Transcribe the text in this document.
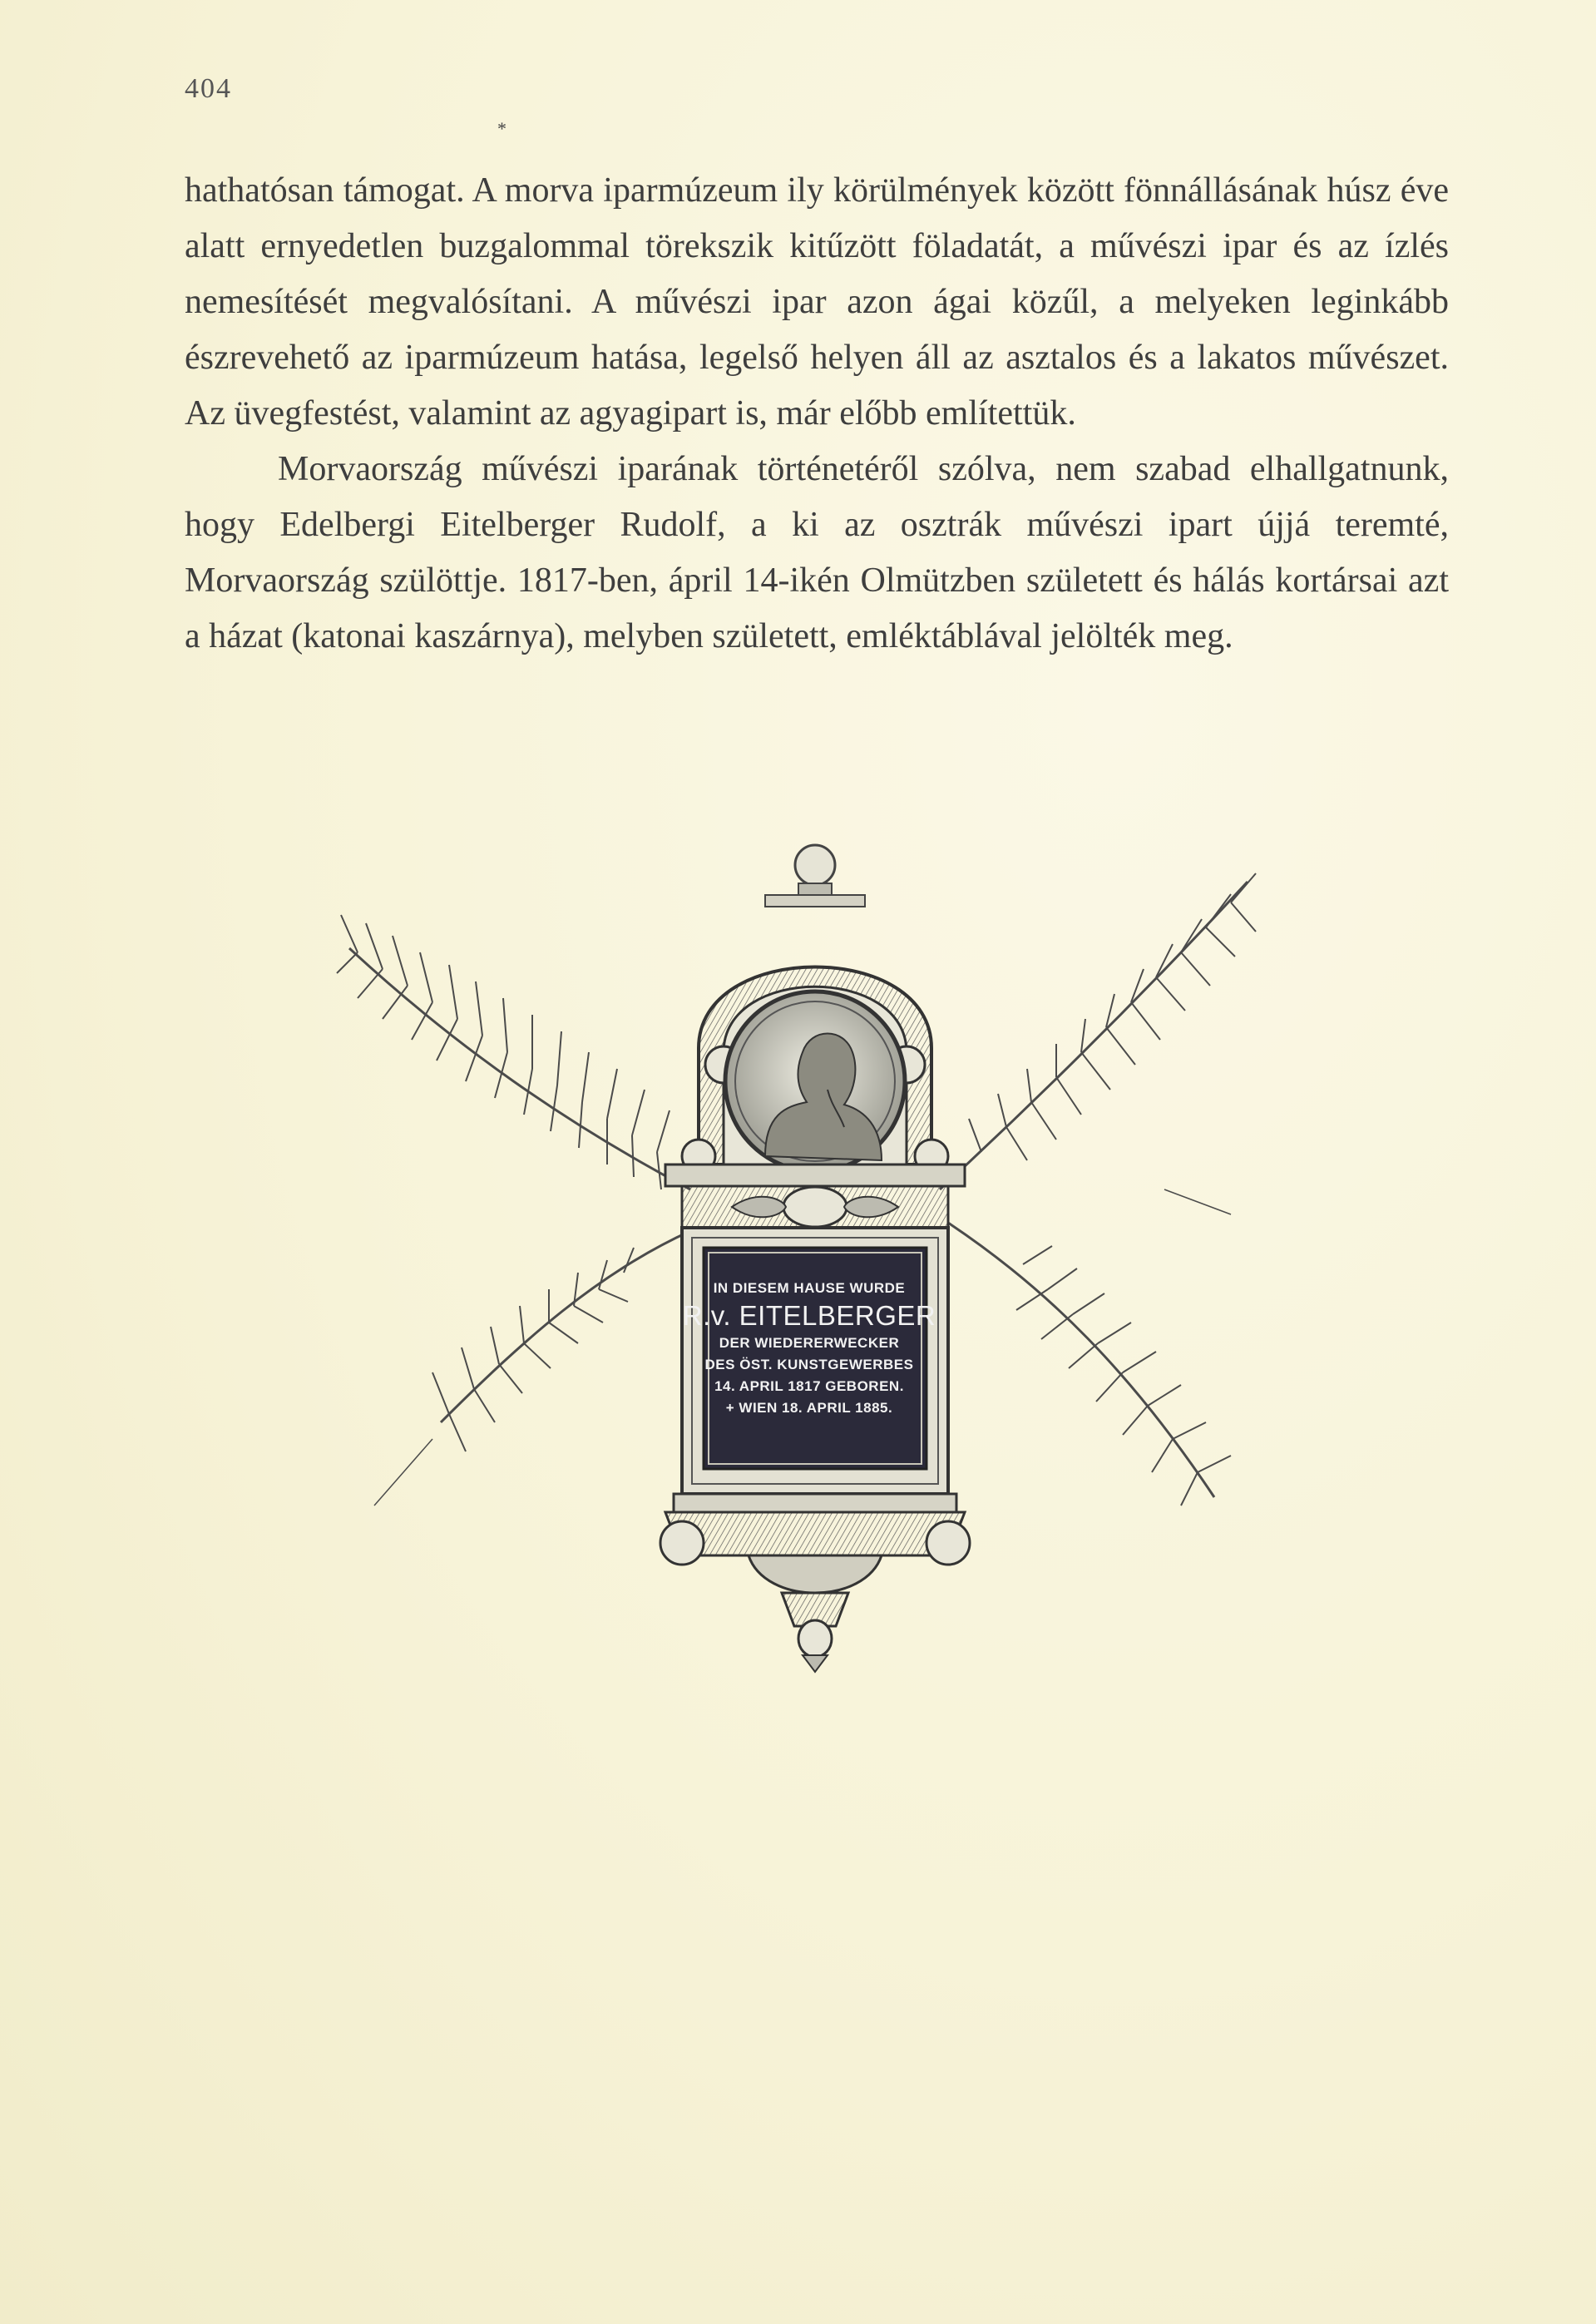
404
*

hathatósan támogat. A morva iparmúzeum ily körülmények között fönnállásának húsz éve alatt ernyedetlen buzgalommal törekszik kitűzött föladatát, a művészi ipar és az ízlés nemesítését megvalósítani. A művészi ipar azon ágai közűl, a melyeken leginkább észrevehető az iparmúzeum hatása, legelső helyen áll az asztalos és a lakatos művészet. Az üvegfestést, valamint az agyagipart is, már előbb említettük.

Morvaország művészi iparának történetéről szólva, nem szabad elhallgatnunk, hogy Edelbergi Eitelberger Rudolf, a ki az osztrák művészi ipart újjá teremté, Morvaország szülöttje. 1817-ben, ápril 14-ikén Olmützben született és hálás kortársai azt a házat (katonai kaszárnya), melyben született, emléktáblával jelölték meg.

IN DIESEM HAUSE WURDE
R.v. EITELBERGER
DER WIEDERERWECKER
DES ÖST. KUNSTGEWERBES
14. APRIL 1817 GEBOREN.
+ WIEN 18. APRIL 1885.
